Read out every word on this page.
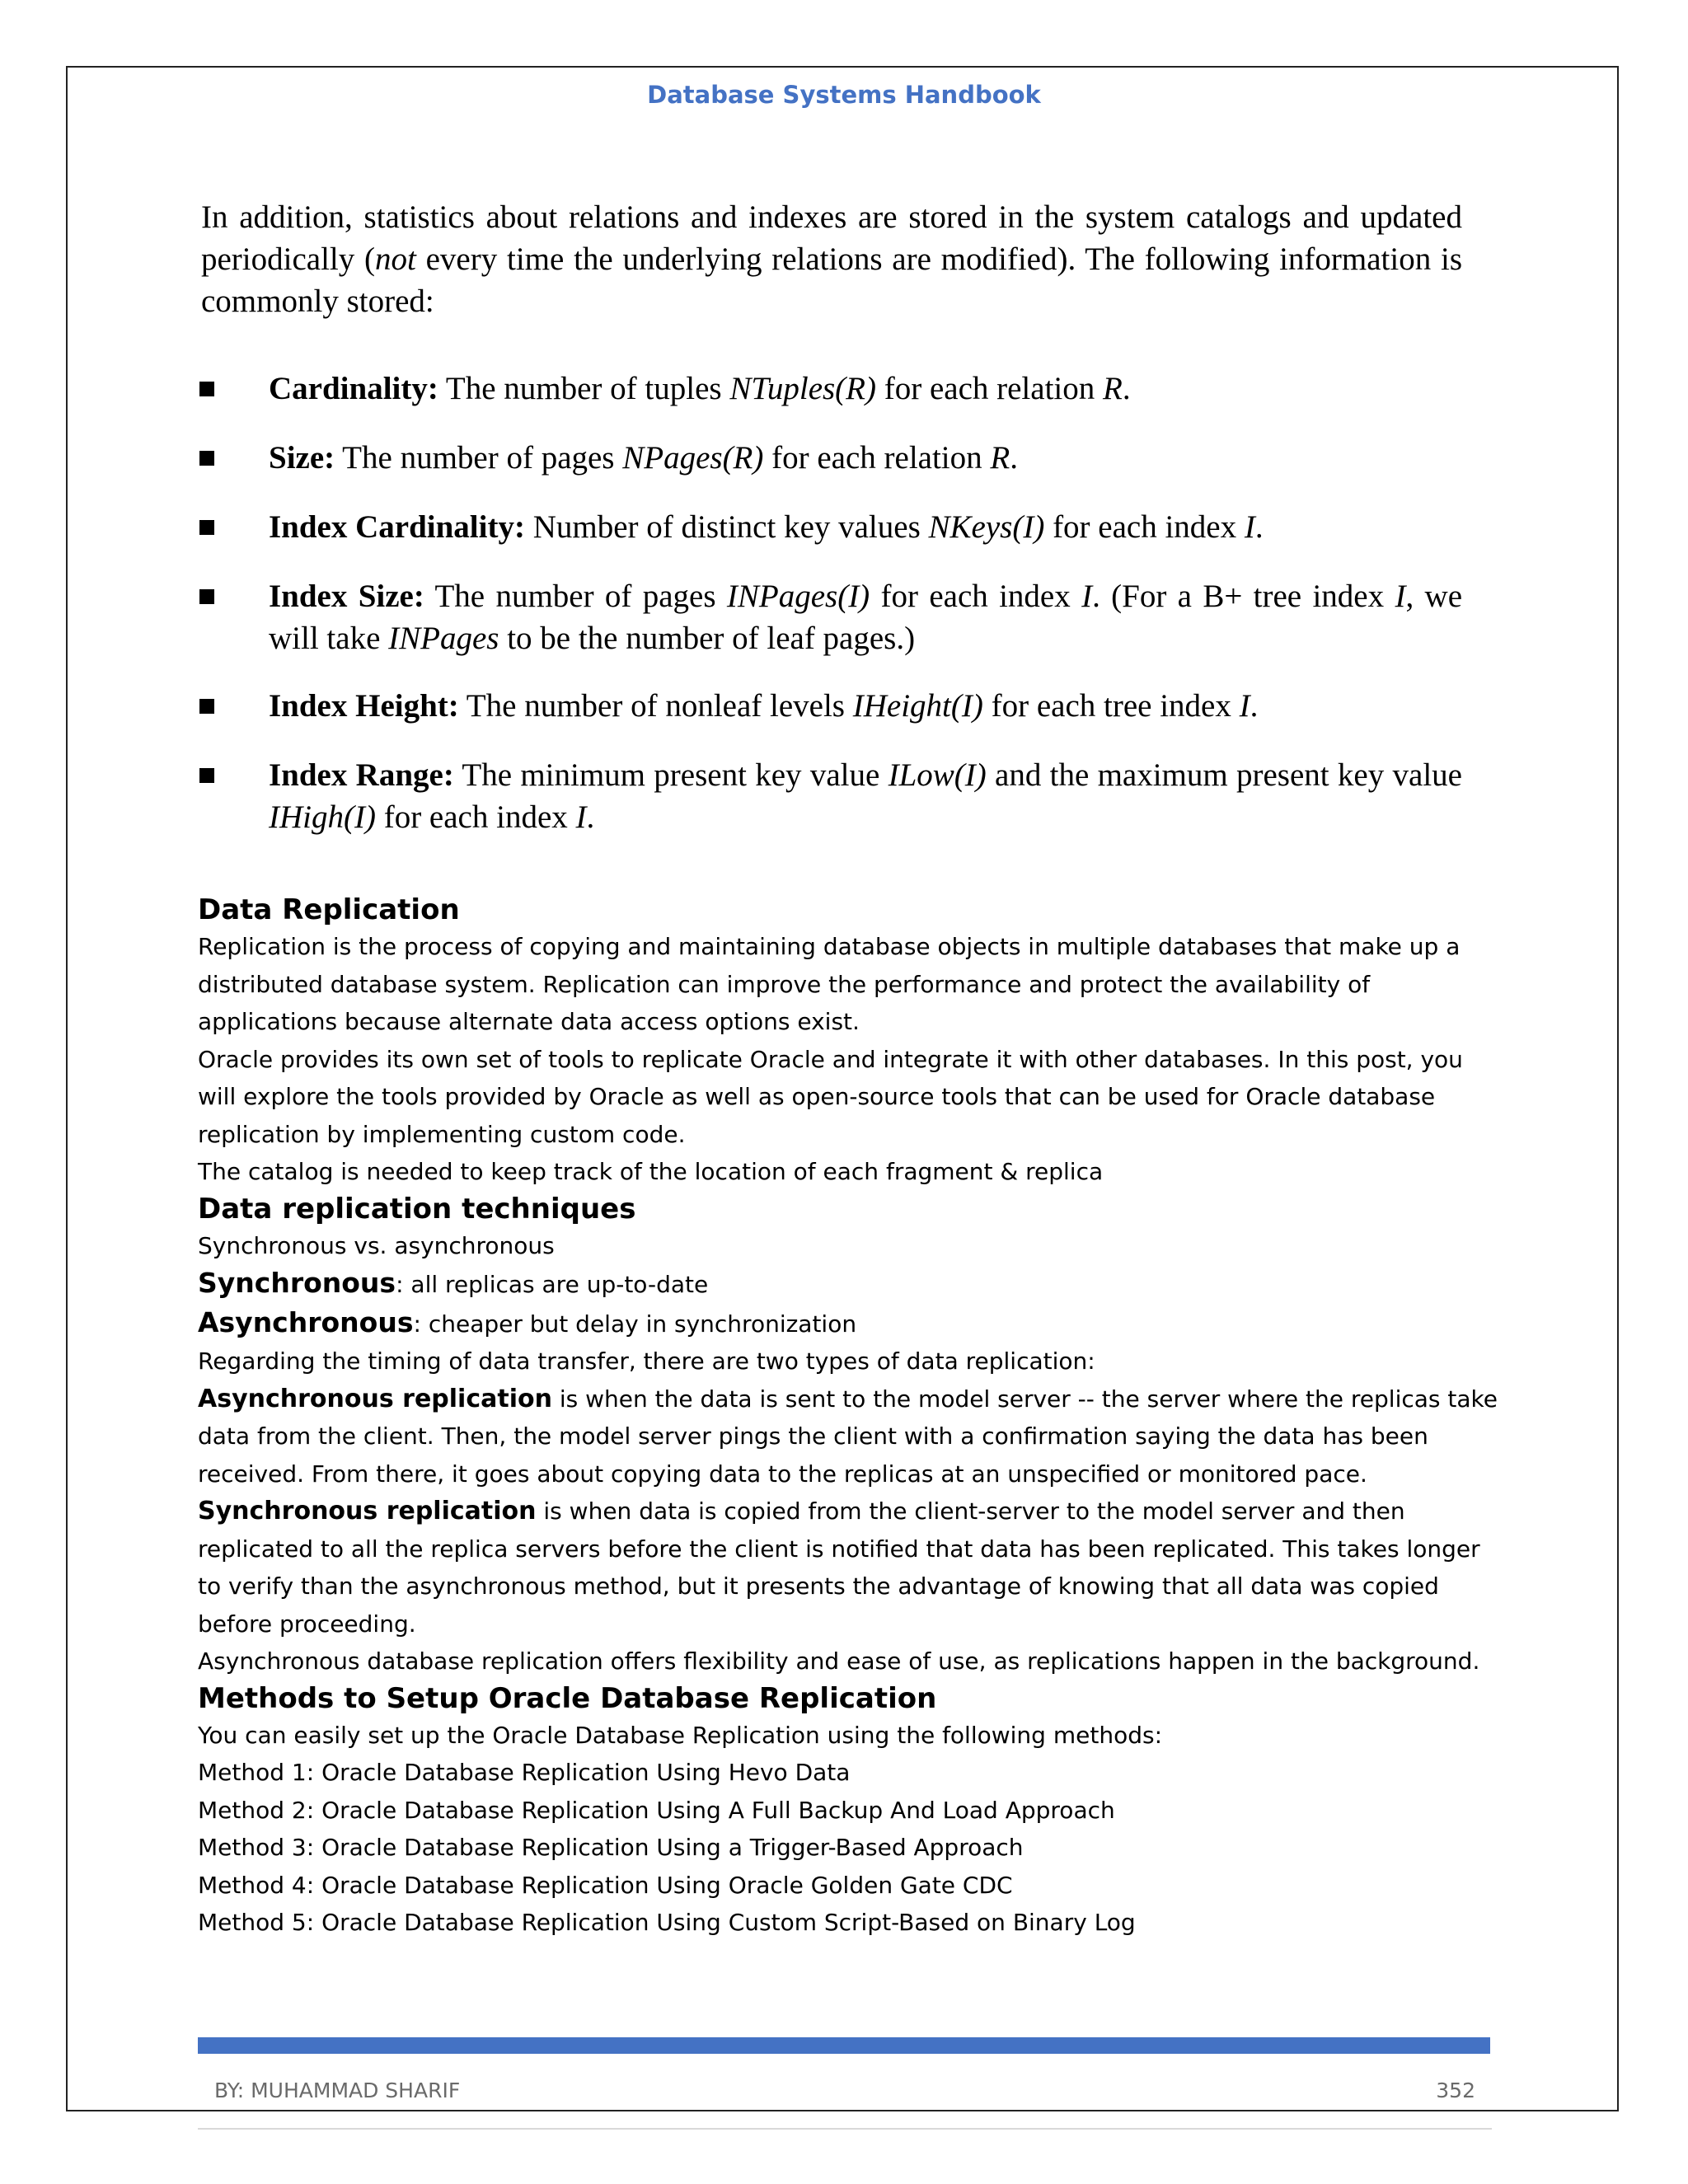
Database Systems Handbook
In addition, statistics about relations and indexes are stored in the system catalogs and updated periodically (not every time the underlying relations are modified). The following information is commonly stored:
Cardinality: The number of tuples NTuples(R) for each relation R.
Size: The number of pages NPages(R) for each relation R.
Index Cardinality: Number of distinct key values NKeys(I) for each index I.
Index Size: The number of pages INPages(I) for each index I. (For a B+ tree index I, we will take INPages to be the number of leaf pages.)
Index Height: The number of nonleaf levels IHeight(I) for each tree index I.
Index Range: The minimum present key value ILow(I) and the maximum present key value IHigh(I) for each index I.
Data Replication

Replication is the process of copying and maintaining database objects in multiple databases that make up a distributed database system. Replication can improve the performance and protect the availability of applications because alternate data access options exist.

Oracle provides its own set of tools to replicate Oracle and integrate it with other databases. In this post, you will explore the tools provided by Oracle as well as open-source tools that can be used for Oracle database replication by implementing custom code.

The catalog is needed to keep track of the location of each fragment & replica

Data replication techniques

Synchronous vs. asynchronous

Synchronous: all replicas are up-to-date

Asynchronous: cheaper but delay in synchronization

Regarding the timing of data transfer, there are two types of data replication:

Asynchronous replication is when the data is sent to the model server -- the server where the replicas take data from the client. Then, the model server pings the client with a confirmation saying the data has been received. From there, it goes about copying data to the replicas at an unspecified or monitored pace.

Synchronous replication is when data is copied from the client-server to the model server and then replicated to all the replica servers before the client is notified that data has been replicated. This takes longer to verify than the asynchronous method, but it presents the advantage of knowing that all data was copied before proceeding.

Asynchronous database replication offers flexibility and ease of use, as replications happen in the background.

Methods to Setup Oracle Database Replication

You can easily set up the Oracle Database Replication using the following methods:

Method 1: Oracle Database Replication Using Hevo Data

Method 2: Oracle Database Replication Using A Full Backup And Load Approach

Method 3: Oracle Database Replication Using a Trigger-Based Approach

Method 4: Oracle Database Replication Using Oracle Golden Gate CDC

Method 5: Oracle Database Replication Using Custom Script-Based on Binary Log

BY: MUHAMMAD SHARIF	352
